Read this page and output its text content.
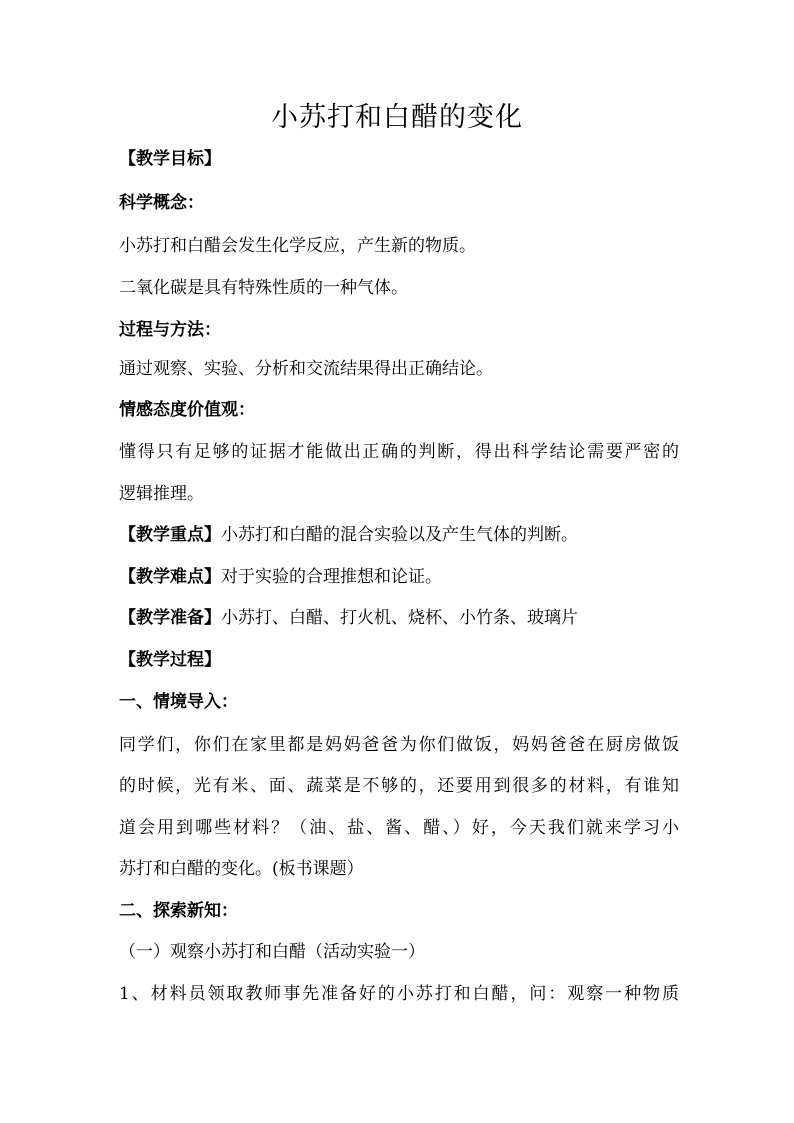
小苏打和白醋的变化
【教学目标】
科学概念：
小苏打和白醋会发生化学反应，产生新的物质。
二氧化碳是具有特殊性质的一种气体。
过程与方法：
通过观察、实验、分析和交流结果得出正确结论。
情感态度价值观：
懂得只有足够的证据才能做出正确的判断，得出科学结论需要严密的
逻辑推理。
【教学重点】小苏打和白醋的混合实验以及产生气体的判断。
【教学难点】对于实验的合理推想和论证。
【教学准备】小苏打、白醋、打火机、烧杯、小竹条、玻璃片
【教学过程】
一、情境导入：
同学们，你们在家里都是妈妈爸爸为你们做饭，妈妈爸爸在厨房做饭
的时候，光有米、面、蔬菜是不够的，还要用到很多的材料，有谁知
道会用到哪些材料？（油、盐、酱、醋、）好，今天我们就来学习小
苏打和白醋的变化。(板书课题）
二、探索新知：
（一）观察小苏打和白醋（活动实验一）
1、材料员领取教师事先准备好的小苏打和白醋，问：观察一种物质
